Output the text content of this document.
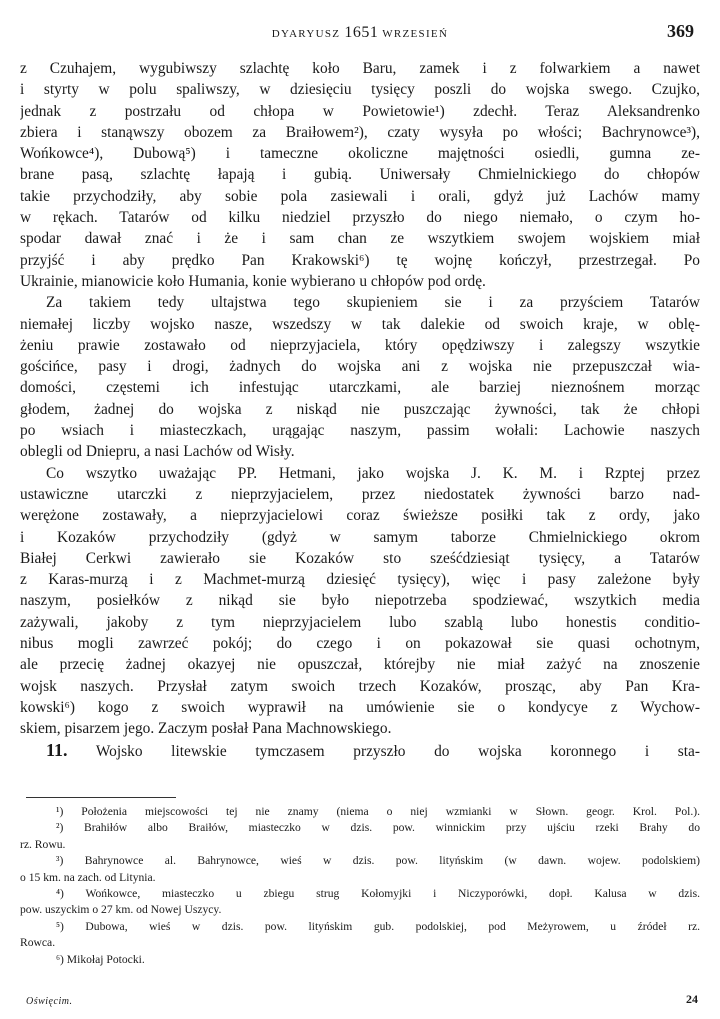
DYARYUSZ 1651 WRZESIEŃ	369
z Czuhajem, wygubiwszy szlachtę koło Baru, zamek i z folwarkiem a nawet
i styrty w polu spaliwszy, w dziesięciu tysięcy poszli do wojska swego. Czujko,
jednak z postrzału od chłopa w Powietowie¹) zdechł. Teraz Aleksandrenko
zbiera i stanąwszy obozem za Braiłowem²), czaty wysyła po włości; Bachrynowce³),
Wońkowce⁴), Dubową⁵) i tameczne okoliczne majętności osiedli, gumna ze-
brane pasą, szlachtę łapają i gubią. Uniwersały Chmielnickiego do chłopów
takie przychodziły, aby sobie pola zasiewali i orali, gdyż już Lachów mamy
w rękach. Tatarów od kilku niedziel przyszło do niego niemało, o czym ho-
spodar dawał znać i że i sam chan ze wszytkiem swojem wojskiem miał
przyjść i aby prędko Pan Krakowski⁶) tę wojnę kończył, przestrzegał. Po
Ukrainie, mianowicie koło Humania, konie wybierano u chłopów pod ordę.
Za takiem tedy ultajstwa tego skupieniem sie i za przyściem Tatarów
niemałej liczby wojsko nasze, wszedszy w tak dalekie od swoich kraje, w oblę-
żeniu prawie zostawało od nieprzyjaciela, który opędziwszy i zalegszy wszytkie
gościńce, pasy i drogi, żadnych do wojska ani z wojska nie przepuszczał wia-
domości, częstemi ich infestując utarczkami, ale barziej nieznośnem morząc
głodem, żadnej do wojska z niskąd nie puszczając żywności, tak że chłopi
po wsiach i miasteczkach, urągając naszym, passim wołali: Lachowie naszych
oblegli od Dniepru, a nasi Lachów od Wisły.
Co wszytko uważając PP. Hetmani, jako wojska J. K. M. i Rzptej przez
ustawiczne utarczki z nieprzyjacielem, przez niedostatek żywności barzo nad-
werężone zostawały, a nieprzyjacielowi coraz świeższe posiłki tak z ordy, jako
i Kozaków przychodziły (gdyż w samym taborze Chmielnickiego okrom
Białej Cerkwi zawierało sie Kozaków sto sześćdziesiąt tysięcy, a Tatarów
z Karas-murzą i z Machmet-murzą dziesięć tysięcy), więc i pasy zależone były
naszym, posiełków z nikąd sie było niepotrzeba spodziewać, wszytkich media
zażywali, jakoby z tym nieprzyjacielem lubo szablą lubo honestis conditio-
nibus mogli zawrzeć pokój; do czego i on pokazował sie quasi ochotnym,
ale przecię żadnej okazyej nie opuszczał, którejby nie miał zażyć na znoszenie
wojsk naszych. Przysłał zatym swoich trzech Kozaków, prosząc, aby Pan Kra-
kowski⁶) kogo z swoich wyprawił na umówienie sie o kondycye z Wychow-
skiem, pisarzem jego. Zaczym posłał Pana Machnowskiego.
11. Wojsko litewskie tymczasem przyszło do wojska koronnego i sta-
¹) Położenia miejscowości tej nie znamy (niema o niej wzmianki w Słown. geogr. Krol. Pol.).
²) Brahiłów albo Braiłów, miasteczko w dzis. pow. winnickim przy ujściu rzeki Brahy do
rz. Rowu.
³) Bahrynowce al. Bahrynowce, wieś w dzis. pow. lityńskim (w dawn. wojew. podolskiem)
o 15 km. na zach. od Litynia.
⁴) Wońkowce, miasteczko u zbiegu strug Kołomyjki i Niczyporówki, dopł. Kalusa w dzis.
pow. uszyckim o 27 km. od Nowej Uszycy.
⁵) Dubowa, wieś w dzis. pow. lityńskim gub. podolskiej, pod Meżyrowem, u źródeł rz.
Rowca.
⁶) Mikołaj Potocki.
Oświęcim.	24
